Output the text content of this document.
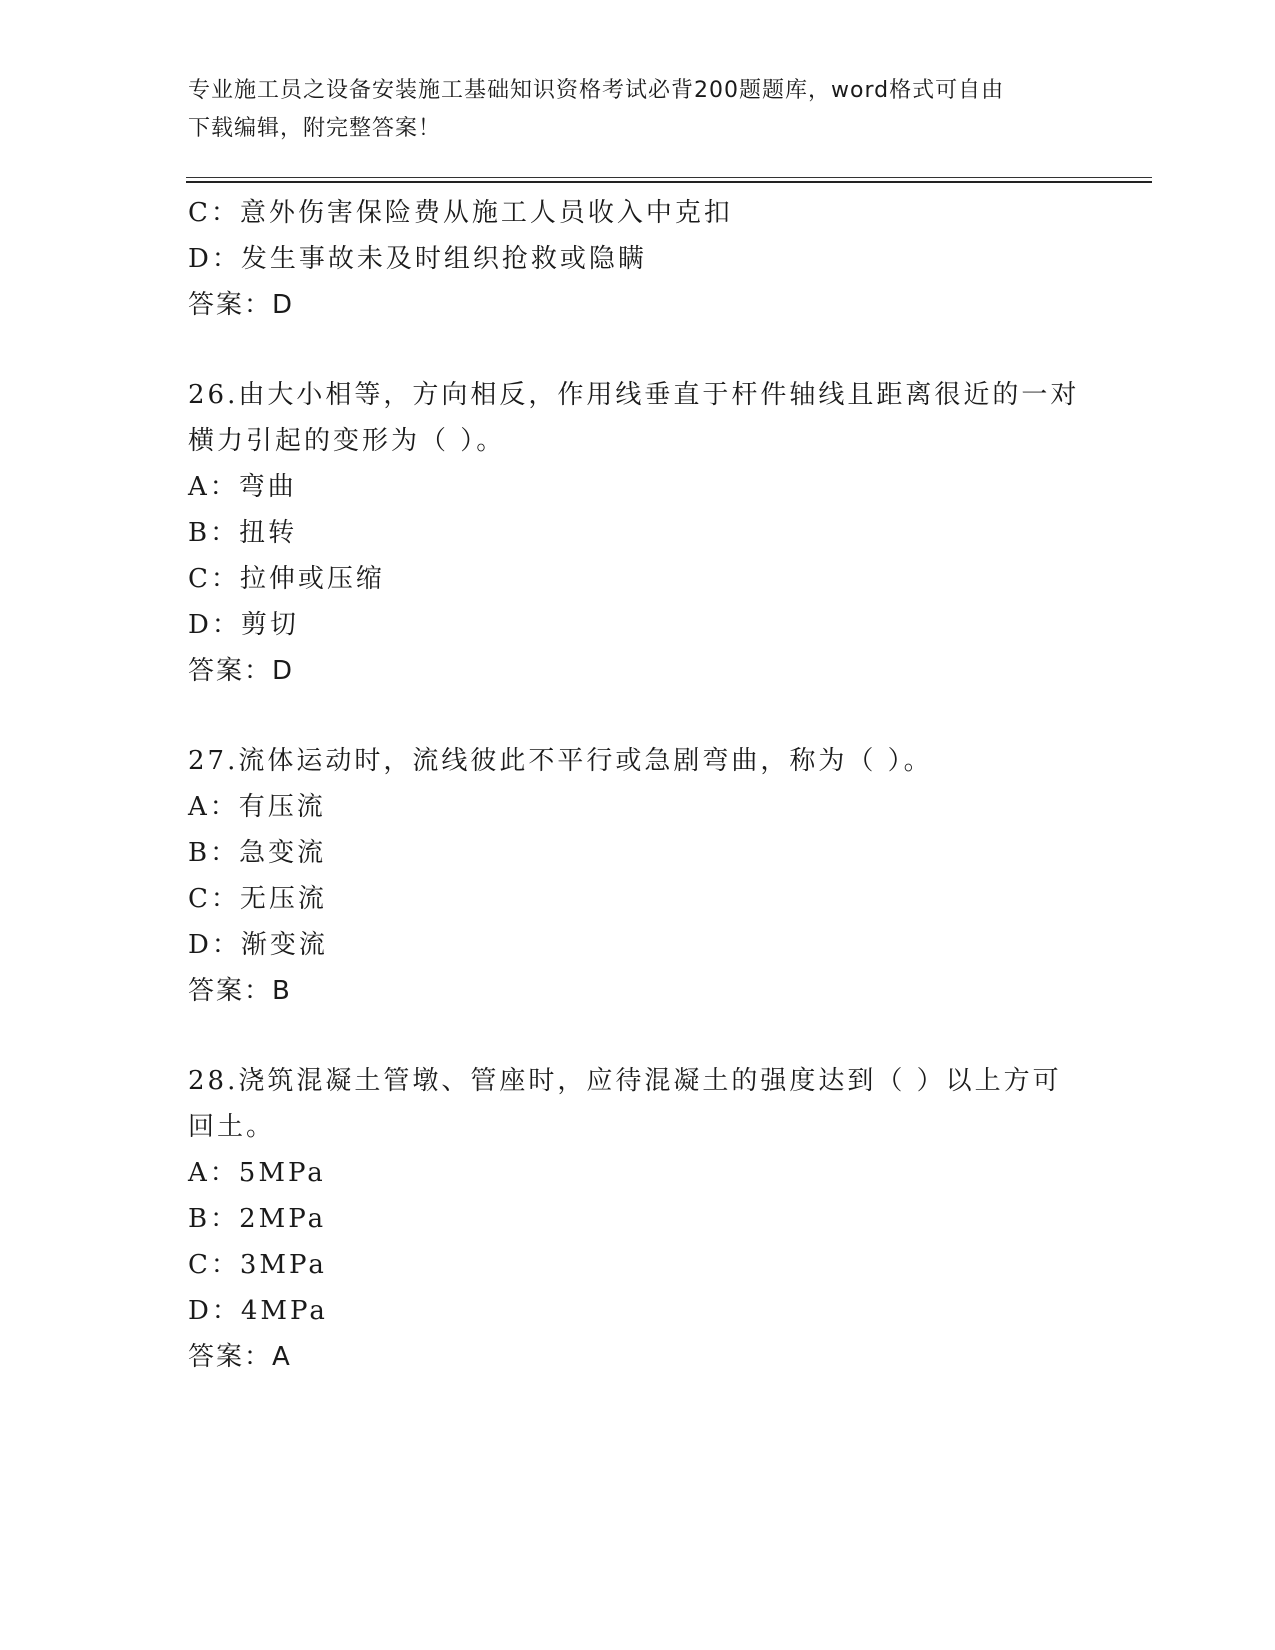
专业施工员之设备安装施工基础知识资格考试必背200题题库，word格式可自由
下载编辑，附完整答案！
C：意外伤害保险费从施工人员收入中克扣
D：发生事故未及时组织抢救或隐瞒
答案：D
26.由大小相等，方向相反，作用线垂直于杆件轴线且距离很近的一对
横力引起的变形为（ ）。
A：弯曲
B：扭转
C：拉伸或压缩
D：剪切
答案：D
27.流体运动时，流线彼此不平行或急剧弯曲，称为（ ）。
A：有压流
B：急变流
C：无压流
D：渐变流
答案：B
28.浇筑混凝土管墩、管座时，应待混凝土的强度达到（ ）以上方可
回土。
A：5MPa
B：2MPa
C：3MPa
D：4MPa
答案：A
